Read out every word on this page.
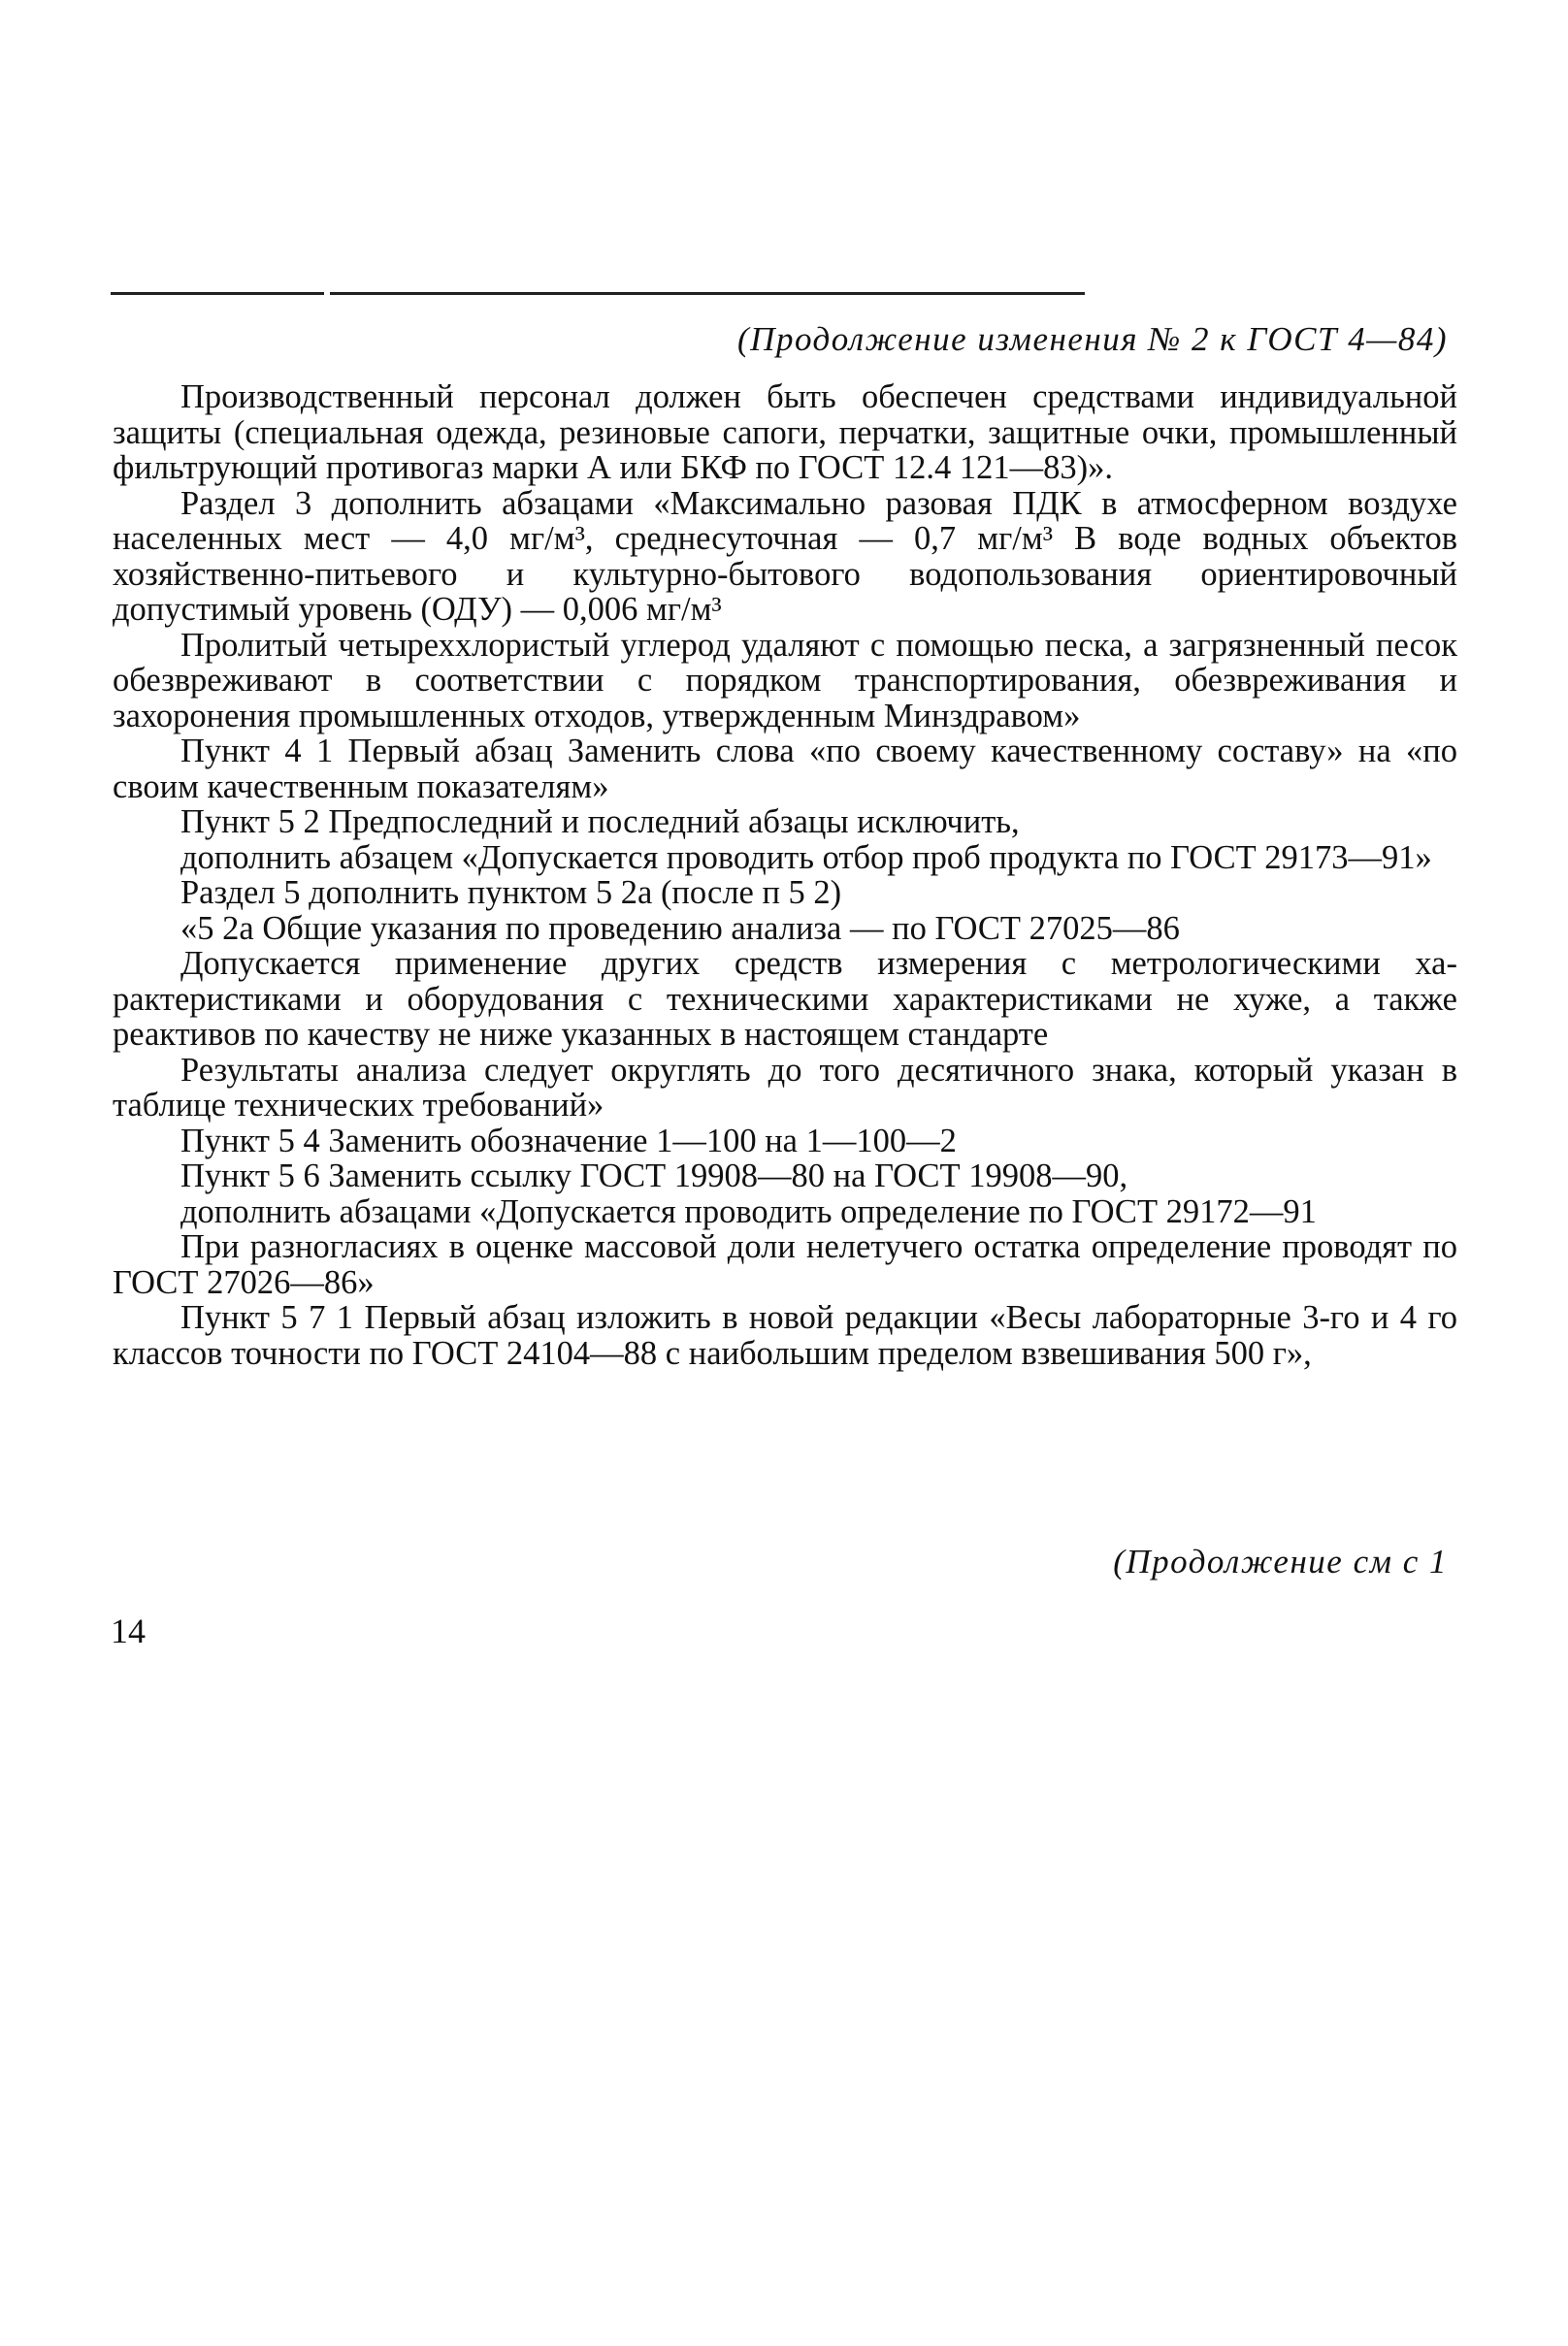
(Продолжение изменения № 2 к ГОСТ 4—84)

Производственный персонал должен быть обеспечен средствами индивидуальной защиты (специальная одежда, резиновые сапоги, перчатки, защитные очки, промышленный фильтрующий противогаз марки А или БКФ по ГОСТ 12.4 121—83)».

Раздел 3 дополнить абзацами «Максимально разовая ПДК в атмосферном воздухе населенных мест — 4,0 мг/м³, среднесуточная — 0,7 мг/м³ В воде водных объектов хозяйственно-питьевого и культурно-бытового водопользования ориентировочный допустимый уровень (ОДУ) — 0,006 мг/м³

Пролитый четыреххлористый углерод удаляют с помощью песка, а загрязненный песок обезвреживают в соответствии с порядком транспортирования, обезвреживания и захоронения промышленных отходов, утвержденным Минздравом»

Пункт 4 1 Первый абзац Заменить слова «по своему качественному составу» на «по своим качественным показателям»

Пункт 5 2 Предпоследний и последний абзацы исключить,

дополнить абзацем «Допускается проводить отбор проб продукта по ГОСТ 29173—91»

Раздел 5 дополнить пунктом 5 2а (после п 5 2)

«5 2а Общие указания по проведению анализа — по ГОСТ 27025—86

Допускается применение других средств измерения с метрологическими характеристиками и оборудования с техническими характеристиками не хуже, а также реактивов по качеству не ниже указанных в настоящем стандарте

Результаты анализа следует округлять до того десятичного знака, который указан в таблице технических требований»

Пункт 5 4 Заменить обозначение 1—100 на 1—100—2

Пункт 5 6 Заменить ссылку ГОСТ 19908—80 на ГОСТ 19908—90,

дополнить абзацами «Допускается проводить определение по ГОСТ 29172—91

При разногласиях в оценке массовой доли нелетучего остатка определение проводят по ГОСТ 27026—86»

Пункт 5 7 1 Первый абзац изложить в новой редакции «Весы лабораторные 3-го и 4 го классов точности по ГОСТ 24104—88 с наибольшим пределом взвешивания 500 г»,

(Продолжение см с 1
14
